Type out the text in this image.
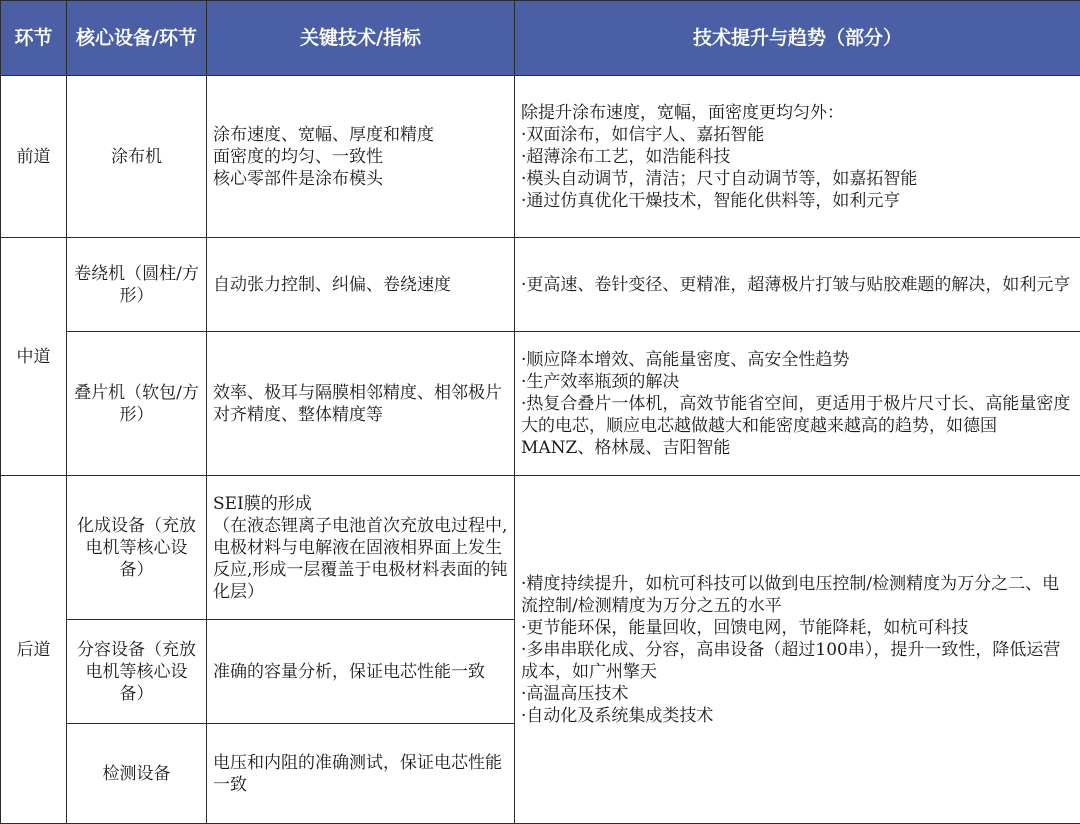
环节	核心设备/环节	关键技术/指标	技术提升与趋势（部分）
前道	涂布机	涂布速度、宽幅、厚度和精度
面密度的均匀、一致性
核心零部件是涂布模头	除提升涂布速度，宽幅，面密度更均匀外：
·双面涂布，如信宇人、嘉拓智能
·超薄涂布工艺，如浩能科技
·模头自动调节，清洁；尺寸自动调节等，如嘉拓智能
·通过仿真优化干燥技术，智能化供料等，如利元亨

中道	卷绕机（圆柱/方形）	自动张力控制、纠偏、卷绕速度	·更高速、卷针变径、更精准，超薄极片打皱与贴胶难题的解决，如利元亨
	叠片机（软包/方形）	效率、极耳与隔膜相邻精度、相邻极片对齐精度、整体精度等	·顺应降本增效、高能量密度、高安全性趋势
·生产效率瓶颈的解决
·热复合叠片一体机，高效节能省空间，更适用于极片尺寸长、高能量密度大的电芯，顺应电芯越做越大和能密度越来越高的趋势，如德国 MANZ、格林晟、吉阳智能

后道	化成设备（充放电机等核心设备）	SEI膜的形成
（在液态锂离子电池首次充放电过程中,电极材料与电解液在固液相界面上发生反应,形成一层覆盖于电极材料表面的钝化层）	·精度持续提升，如杭可科技可以做到电压控制/检测精度为万分之二、电流控制/检测精度为万分之五的水平
·更节能环保，能量回收，回馈电网，节能降耗，如杭可科技
·多串串联化成、分容，高串设备（超过100串），提升一致性，降低运营成本，如广州擎天
·高温高压技术
·自动化及系统集成类技术

	分容设备（充放电机等核心设备）	准确的容量分析，保证电芯性能一致	
	检测设备	电压和内阻的准确测试，保证电芯性能一致	
